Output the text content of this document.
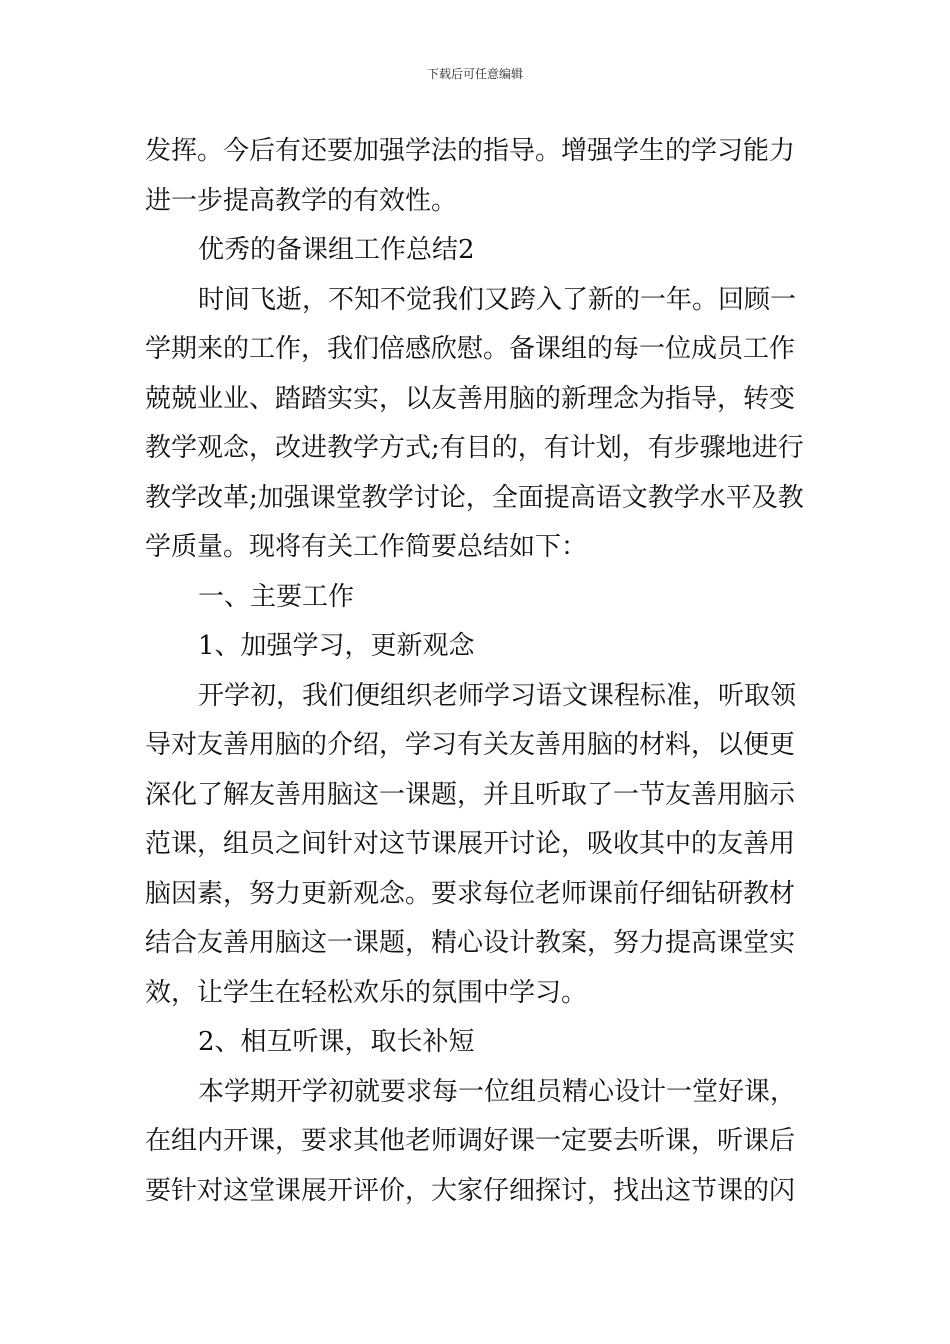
下载后可任意编辑
发挥。今后有还要加强学法的指导。增强学生的学习能力
进一步提高教学的有效性。
优秀的备课组工作总结2
时间飞逝，不知不觉我们又跨入了新的一年。回顾一
学期来的工作，我们倍感欣慰。备课组的每一位成员工作
兢兢业业、踏踏实实，以友善用脑的新理念为指导，转变
教学观念，改进教学方式;有目的，有计划，有步骤地进行
教学改革;加强课堂教学讨论，全面提高语文教学水平及教
学质量。现将有关工作简要总结如下：
一、主要工作
1、加强学习，更新观念
开学初，我们便组织老师学习语文课程标准，听取领
导对友善用脑的介绍，学习有关友善用脑的材料，以便更
深化了解友善用脑这一课题，并且听取了一节友善用脑示
范课，组员之间针对这节课展开讨论，吸收其中的友善用
脑因素，努力更新观念。要求每位老师课前仔细钻研教材
结合友善用脑这一课题，精心设计教案，努力提高课堂实
效，让学生在轻松欢乐的氛围中学习。
2、相互听课，取长补短
本学期开学初就要求每一位组员精心设计一堂好课，
在组内开课，要求其他老师调好课一定要去听课，听课后
要针对这堂课展开评价，大家仔细探讨，找出这节课的闪
